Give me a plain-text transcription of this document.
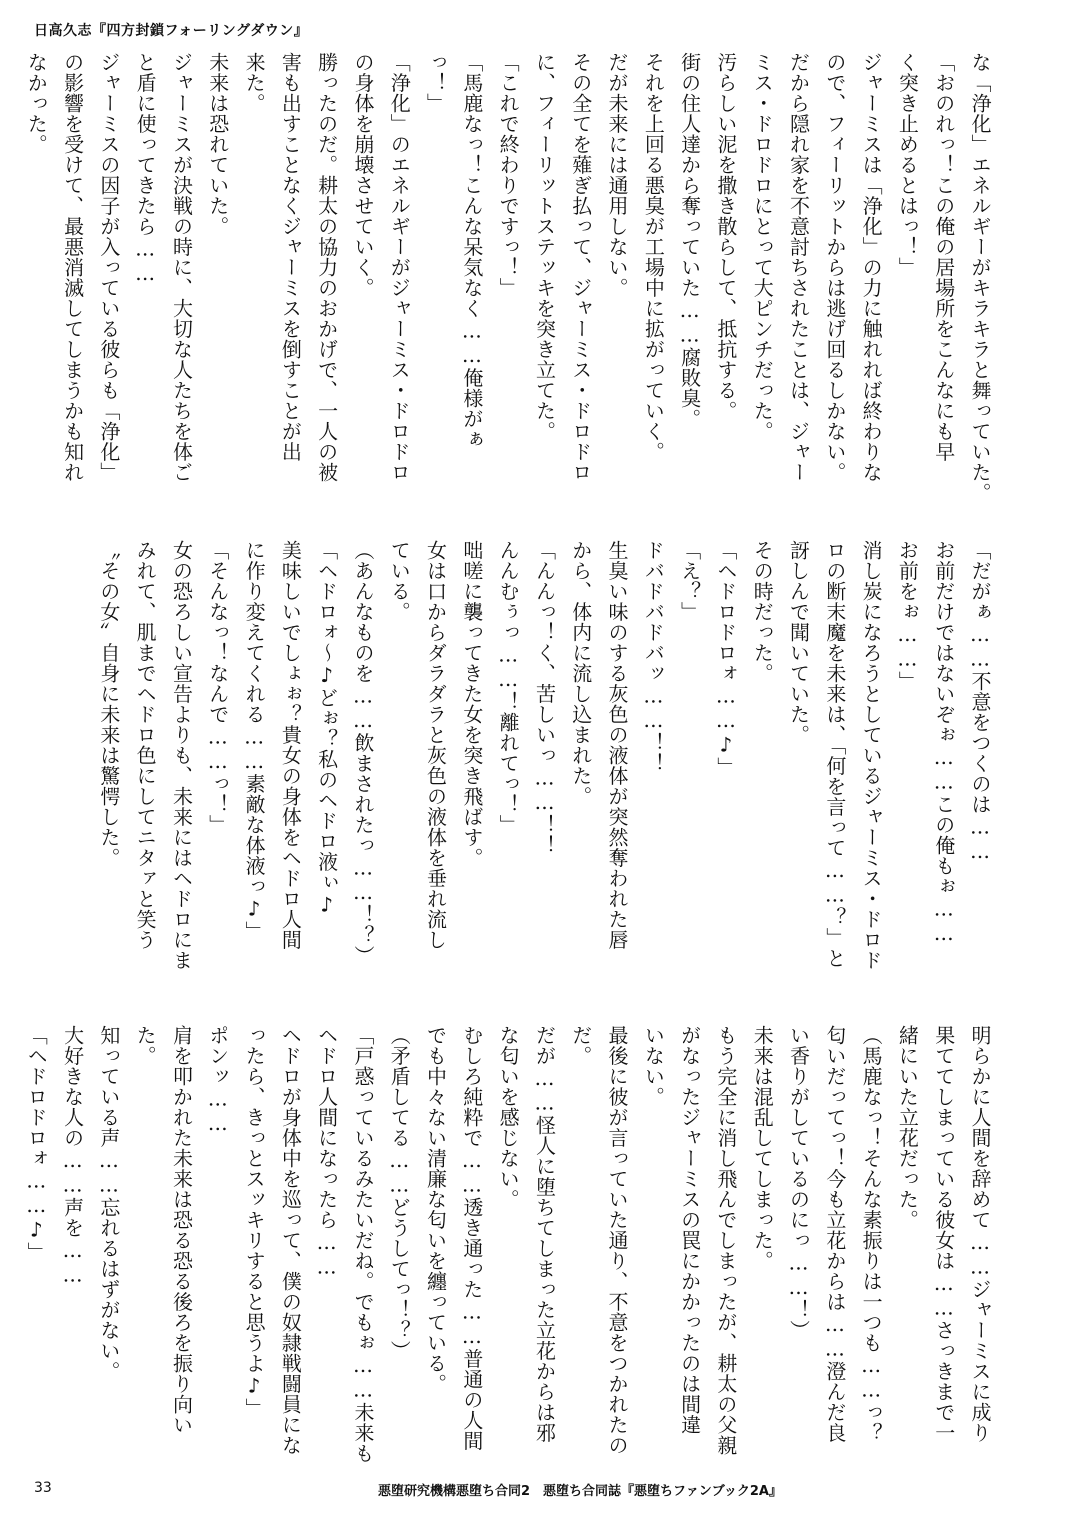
日高久志『四方封鎖フォーリングダウン』

な「浄化」エネルギーがキラキラと舞っていた。

「おのれっ！この俺の居場所をこんなにも早

く突き止めるとはっ！」

ジャーミスは「浄化」の力に触れれば終わりな

ので、フィーリットからは逃げ回るしかない。

だから隠れ家を不意討ちされたことは、ジャー

ミス・ドロドロにとって大ピンチだった。

汚らしい泥を撒き散らして、抵抗する。

街の住人達から奪っていた……腐敗臭。

それを上回る悪臭が工場中に拡がっていく。

だが未来には通用しない。

その全てを薙ぎ払って、ジャーミス・ドロドロ

に、フィーリットステッキを突き立てた。

「これで終わりですっ！」

「馬鹿なっ！こんな呆気なく……俺様がぁ

っ！」

「浄化」のエネルギーがジャーミス・ドロドロ

の身体を崩壊させていく。

勝ったのだ。耕太の協力のおかげで、一人の被

害も出すことなくジャーミスを倒すことが出

来た。

未来は恐れていた。

ジャーミスが決戦の時に、大切な人たちを体ご

と盾に使ってきたら……

ジャーミスの因子が入っている彼らも「浄化」

の影響を受けて、最悪消滅してしまうかも知れ

なかった。

「だがぁ……不意をつくのは……

お前だけではないぞぉ……この俺もぉ……

お前をぉ……」

消し炭になろうとしているジャーミス・ドロド

ロの断末魔を未来は、「何を言って……？」と

訝しんで聞いていた。

その時だった。

「ヘドロドロォ……♪」

「え？」

ドバドバドバッ……！！

生臭い味のする灰色の液体が突然奪われた唇

から、体内に流し込まれた。

「んんっ！く、苦しいっ……！！

んんむぅっ……！離れてっ！」

咄嗟に襲ってきた女を突き飛ばす。

女は口からダラダラと灰色の液体を垂れ流し

ている。

（あんなものを……飲まされたっ……！？）

「ヘドロォ～♪どぉ？私のヘドロ液ぃ♪

美味しいでしょぉ？貴女の身体をヘドロ人間

に作り変えてくれる……素敵な体液っ♪」

「そんなっ！なんで……っ！」

女の恐ろしい宣告よりも、未来にはヘドロにま

みれて、肌までヘドロ色にしてニタァと笑う

〝その女〟自身に未来は驚愕した。

明らかに人間を辞めて……ジャーミスに成り

果ててしまっている彼女は……さっきまで一

緒にいた立花だった。

（馬鹿なっ！そんな素振りは一つも……っ？

匂いだってっ！今も立花からは……澄んだ良

い香りがしているのにっ……！）

未来は混乱してしまった。

もう完全に消し飛んでしまったが、耕太の父親

がなったジャーミスの罠にかかったのは間違

いない。

最後に彼が言っていた通り、不意をつかれたの

だ。

だが……怪人に堕ちてしまった立花からは邪

な匂いを感じない。

むしろ純粋で……透き通った……普通の人間

でも中々ない清廉な匂いを纏っている。

（矛盾してる……どうしてっ！？）

「戸惑っているみたいだね。でもぉ……未来も

ヘドロ人間になったら……

ヘドロが身体中を巡って、僕の奴隷戦闘員にな

ったら、きっとスッキリすると思うよ♪」

ポンッ……

肩を叩かれた未来は恐る恐る後ろを振り向い

た。

知っている声……忘れるはずがない。

大好きな人の……声を……

「ヘドロドロォ……♪」

33	悪堕研究機構悪堕ち合同2　悪堕ち合同誌『悪堕ちファンブック2A』
